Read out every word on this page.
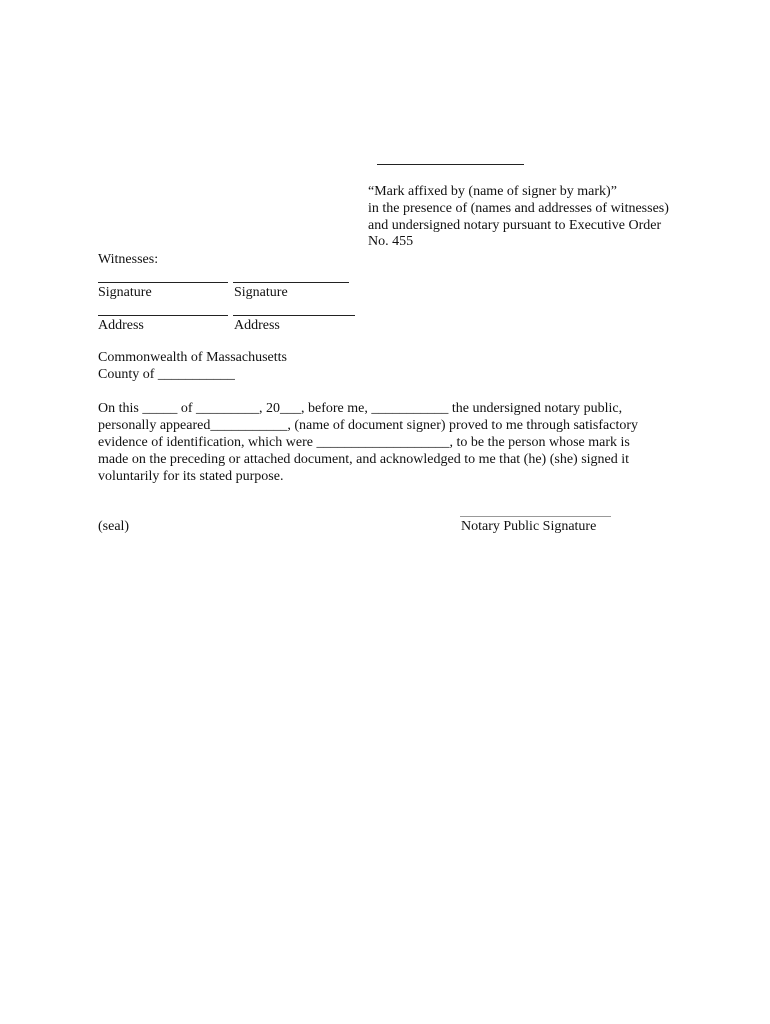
“Mark affixed by (name of signer by mark)”
in the presence of (names and addresses of witnesses)
and undersigned notary pursuant to Executive Order
No. 455
Witnesses:
Signature	Signature
Address	Address
Commonwealth of Massachusetts
County of ___________
On this _____ of _________, 20___, before me, ___________ the undersigned notary public,
personally appeared___________, (name of document signer) proved to me through satisfactory
evidence of identification, which were ___________________, to be the person whose mark is
made on the preceding or attached document, and acknowledged to me that (he) (she) signed it
voluntarily for its stated purpose.
(seal)	Notary Public Signature
